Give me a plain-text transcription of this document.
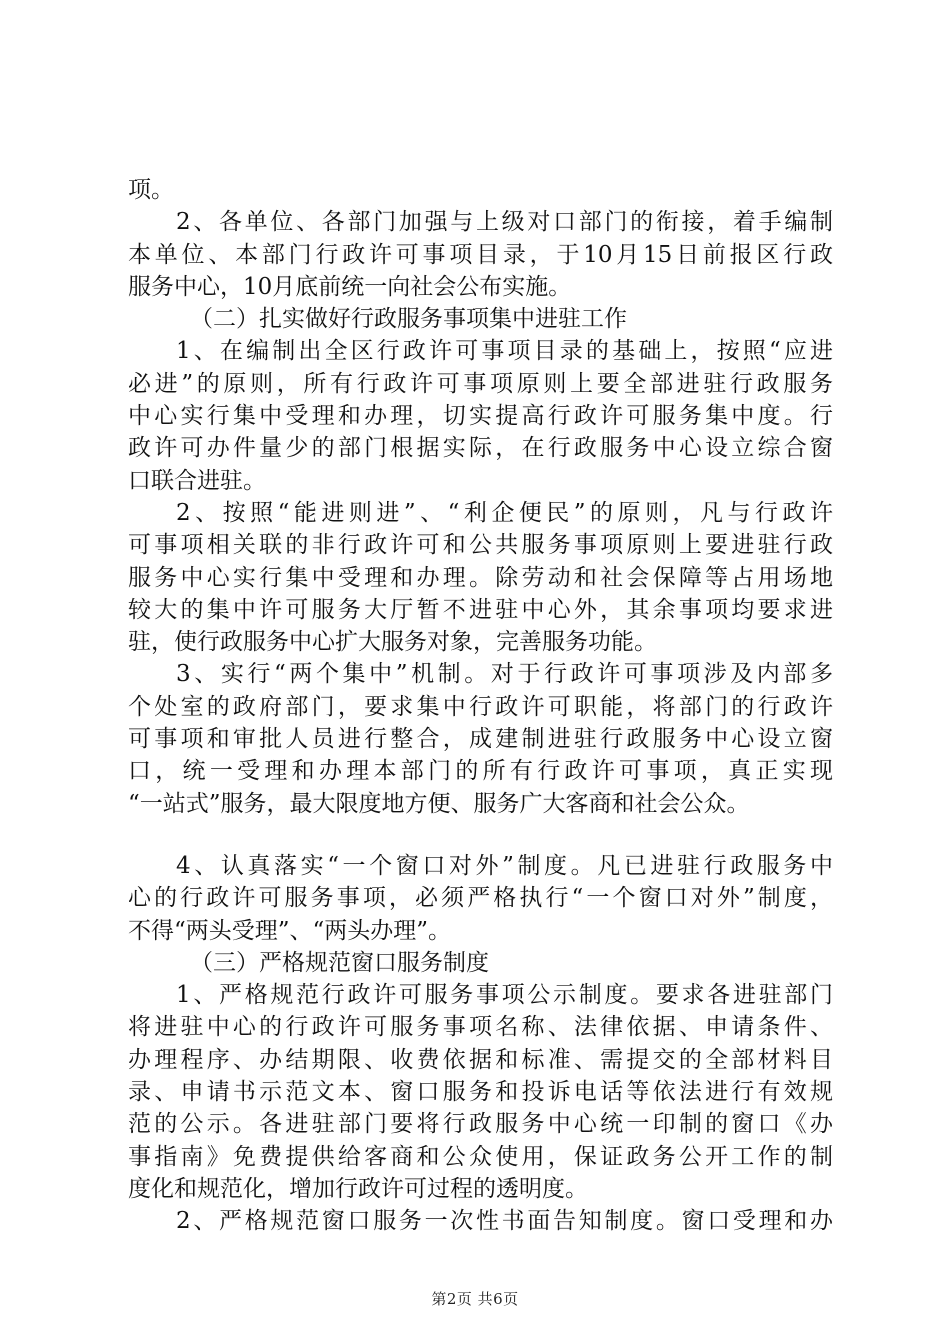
项。
2、各单位、各部门加强与上级对口部门的衔接，着手编制
本单位、本部门行政许可事项目录，于10月15日前报区行政
服务中心，10月底前统一向社会公布实施。
（二）扎实做好行政服务事项集中进驻工作
1、在编制出全区行政许可事项目录的基础上，按照“应进
必进”的原则，所有行政许可事项原则上要全部进驻行政服务
中心实行集中受理和办理，切实提高行政许可服务集中度。行
政许可办件量少的部门根据实际，在行政服务中心设立综合窗
口联合进驻。
2、按照“能进则进”、“利企便民”的原则，凡与行政许
可事项相关联的非行政许可和公共服务事项原则上要进驻行政
服务中心实行集中受理和办理。除劳动和社会保障等占用场地
较大的集中许可服务大厅暂不进驻中心外，其余事项均要求进
驻，使行政服务中心扩大服务对象，完善服务功能。
3、实行“两个集中”机制。对于行政许可事项涉及内部多
个处室的政府部门，要求集中行政许可职能，将部门的行政许
可事项和审批人员进行整合，成建制进驻行政服务中心设立窗
口，统一受理和办理本部门的所有行政许可事项，真正实现
“一站式”服务，最大限度地方便、服务广大客商和社会公众。
4、认真落实“一个窗口对外”制度。凡已进驻行政服务中
心的行政许可服务事项，必须严格执行“一个窗口对外”制度，
不得“两头受理”、“两头办理”。
（三）严格规范窗口服务制度
1、严格规范行政许可服务事项公示制度。要求各进驻部门
将进驻中心的行政许可服务事项名称、法律依据、申请条件、
办理程序、办结期限、收费依据和标准、需提交的全部材料目
录、申请书示范文本、窗口服务和投诉电话等依法进行有效规
范的公示。各进驻部门要将行政服务中心统一印制的窗口《办
事指南》免费提供给客商和公众使用，保证政务公开工作的制
度化和规范化，增加行政许可过程的透明度。
2、严格规范窗口服务一次性书面告知制度。窗口受理和办
第2页 共6页
